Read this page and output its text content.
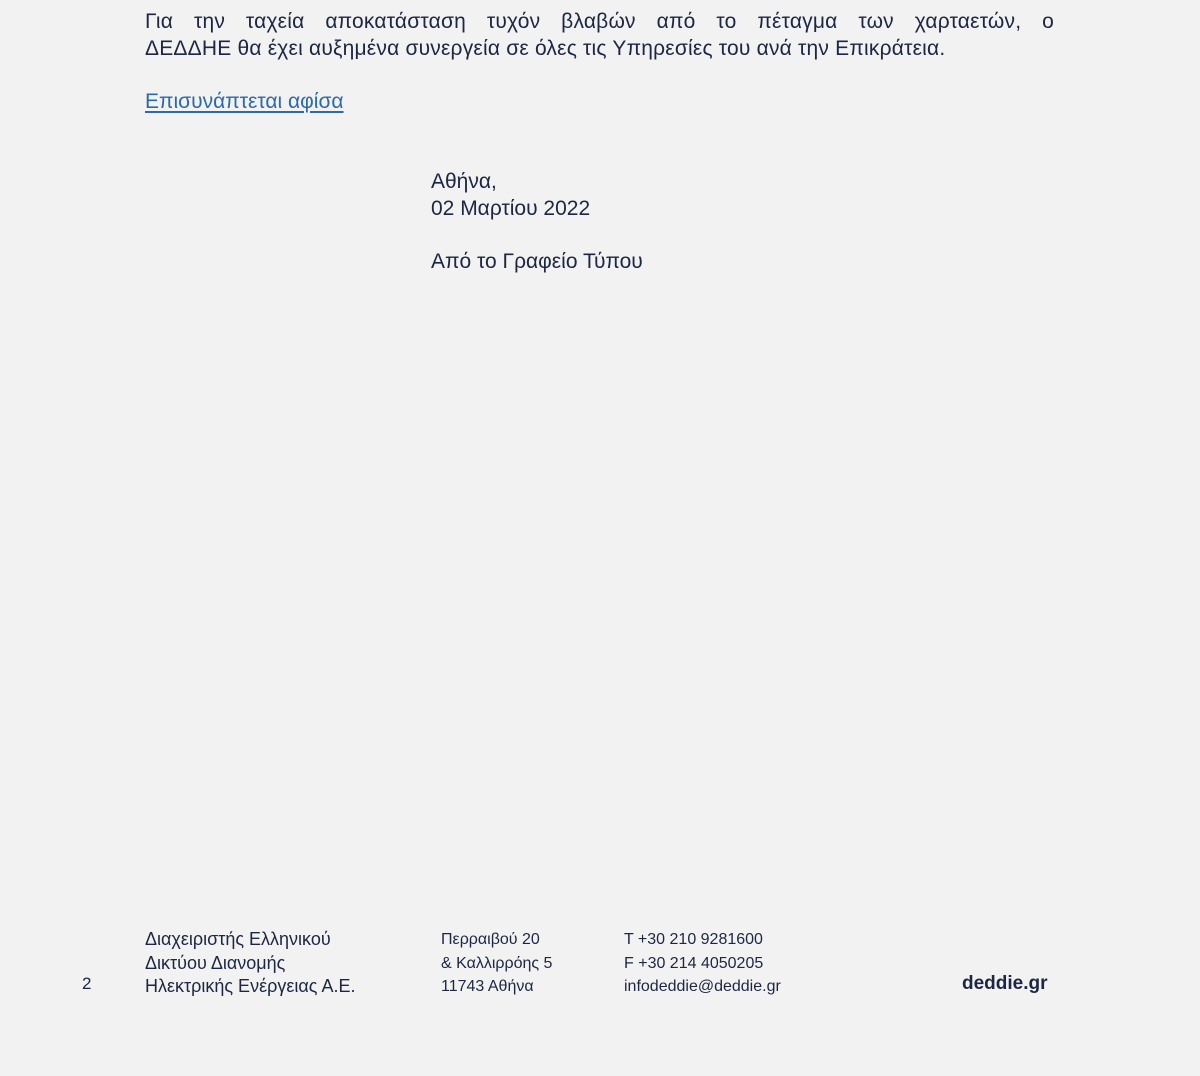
Για την ταχεία αποκατάσταση τυχόν βλαβών από το πέταγμα των χαρταετών, ο
ΔΕΔΔΗΕ θα έχει αυξημένα συνεργεία σε όλες τις Υπηρεσίες του ανά την Επικράτεια.
Επισυνάπτεται αφίσα
Αθήνα,
02 Μαρτίου 2022
Από το Γραφείο Τύπου
2
Διαχειριστής Ελληνικού
Δικτύου Διανομής
Ηλεκτρικής Ενέργειας Α.Ε.
Περραιβού 20
& Καλλιρρόης 5
11743 Αθήνα
T +30 210 9281600
F +30 214 4050205
infodeddie@deddie.gr	deddie.gr
